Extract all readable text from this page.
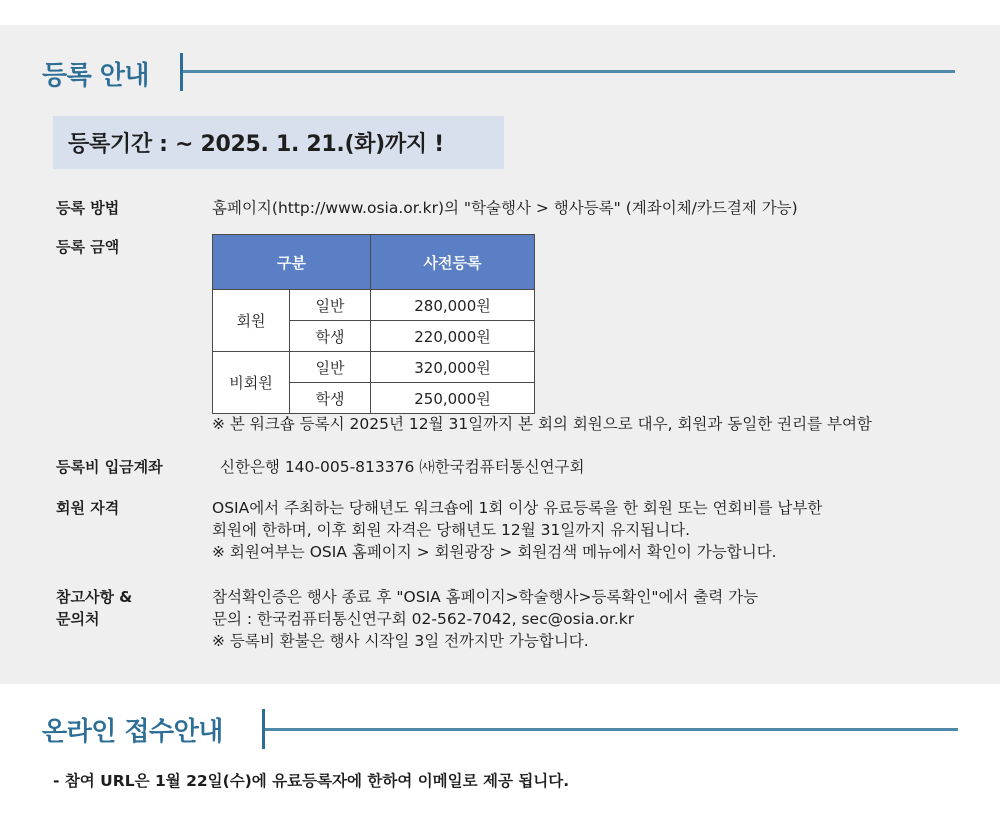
등록 안내
등록기간 : ~ 2025. 1. 21.(화)까지 !
등록 방법	홈페이지(http://www.osia.or.kr)의 "학술행사 > 행사등록" (계좌이체/카드결제 가능)
등록 금액
구분		사전등록
회원	일반	280,000원
	학생	220,000원
비회원	일반	320,000원
	학생	250,000원
※ 본 워크숍 등록시 2025년 12월 31일까지 본 회의 회원으로 대우, 회원과 동일한 권리를 부여함
등록비 입금계좌	신한은행 140-005-813376 ㈔한국컴퓨터통신연구회
회원 자격	OSIA에서 주최하는 당해년도 워크숍에 1회 이상 유료등록을 한 회원 또는 연회비를 납부한
회원에 한하며, 이후 회원 자격은 당해년도 12월 31일까지 유지됩니다.
※ 회원여부는 OSIA 홈페이지 > 회원광장 > 회원검색 메뉴에서 확인이 가능합니다.
참고사항 &
문의처
참석확인증은 행사 종료 후 "OSIA 홈페이지>학술행사>등록확인"에서 출력 가능
문의 : 한국컴퓨터통신연구회 02-562-7042, sec@osia.or.kr
※ 등록비 환불은 행사 시작일 3일 전까지만 가능합니다.
온라인 접수안내
- 참여 URL은 1월 22일(수)에 유료등록자에 한하여 이메일로 제공 됩니다.
